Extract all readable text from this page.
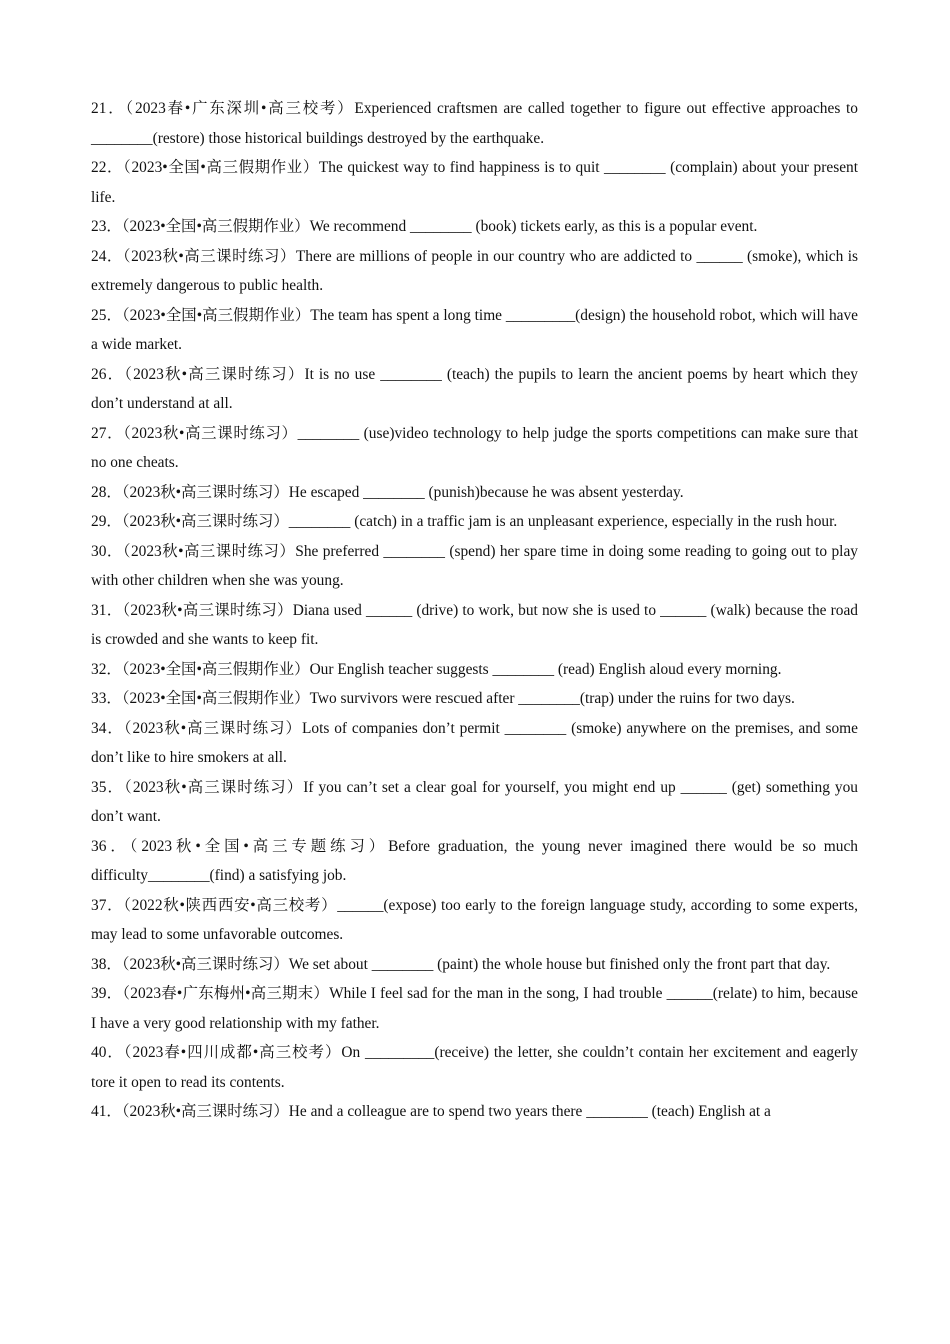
21．（2023春•广东深圳•高三校考）Experienced craftsmen are called together to figure out effective approaches to ________(restore) those historical buildings destroyed by the earthquake.

22．（2023•全国•高三假期作业）The quickest way to find happiness is to quit ________ (complain) about your present life.

23．（2023•全国•高三假期作业）We recommend ________ (book) tickets early, as this is a popular event.

24．（2023秋•高三课时练习）There are millions of people in our country who are addicted to ______ (smoke), which is extremely dangerous to public health.

25．（2023•全国•高三假期作业）The team has spent a long time _________(design) the household robot, which will have a wide market.

26．（2023秋•高三课时练习）It is no use ________ (teach) the pupils to learn the ancient poems by heart which they don’t understand at all.

27．（2023秋•高三课时练习）________ (use)video technology to help judge the sports competitions can make sure that no one cheats.

28．（2023秋•高三课时练习）He escaped ________ (punish)because he was absent yesterday.

29．（2023秋•高三课时练习）________ (catch) in a traffic jam is an unpleasant experience, especially in the rush hour.

30．（2023秋•高三课时练习）She preferred ________ (spend) her spare time in doing some reading to going out to play with other children when she was young.

31．（2023秋•高三课时练习）Diana used ______ (drive) to work, but now she is used to ______ (walk) because the road is crowded and she wants to keep fit.

32．（2023•全国•高三假期作业）Our English teacher suggests ________ (read) English aloud every morning.

33．（2023•全国•高三假期作业）Two survivors were rescued after ________(trap) under the ruins for two days.

34．（2023秋•高三课时练习）Lots of companies don’t permit ________ (smoke) anywhere on the premises, and some don’t like to hire smokers at all.

35．（2023秋•高三课时练习）If you can’t set a clear goal for yourself, you might end up ______ (get) something you don’t want.

36．（2023秋•全国•高三专题练习）Before graduation, the young never imagined there would be so much difficulty________(find) a satisfying job.

37．（2022秋•陕西西安•高三校考）______(expose) too early to the foreign language study, according to some experts, may lead to some unfavorable outcomes.

38．（2023秋•高三课时练习）We set about ________ (paint) the whole house but finished only the front part that day.

39．（2023春•广东梅州•高三期末）While I feel sad for the man in the song, I had trouble ______(relate) to him, because I have a very good relationship with my father.

40．（2023春•四川成都•高三校考）On _________(receive) the letter, she couldn’t contain her excitement and eagerly tore it open to read its contents.

41．（2023秋•高三课时练习）He and a colleague are to spend two years there ________ (teach) English at a
